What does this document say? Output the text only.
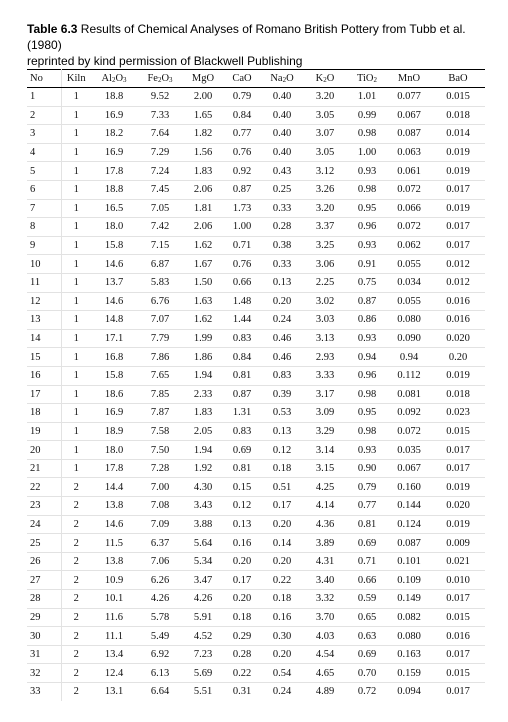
Table 6.3 Results of Chemical Analyses of Romano British Pottery from Tubb et al. (1980)
reprinted by kind permission of Blackwell Publishing
No	Kiln	$Al_2O_3$	$Fe_2O_3$	MgO	CaO	$Na_2O$	$K_2O$	TiO$_2$	MnO	BaO
1	1	18.8	9.52	2.00	0.79	0.40	3.20	1.01	0.077	0.015
2	1	16.9	7.33	1.65	0.84	0.40	3.05	0.99	0.067	0.018
3	1	18.2	7.64	1.82	0.77	0.40	3.07	0.98	0.087	0.014
4	1	16.9	7.29	1.56	0.76	0.40	3.05	1.00	0.063	0.019
5	1	17.8	7.24	1.83	0.92	0.43	3.12	0.93	0.061	0.019
6	1	18.8	7.45	2.06	0.87	0.25	3.26	0.98	0.072	0.017
7	1	16.5	7.05	1.81	1.73	0.33	3.20	0.95	0.066	0.019
8	1	18.0	7.42	2.06	1.00	0.28	3.37	0.96	0.072	0.017
9	1	15.8	7.15	1.62	0.71	0.38	3.25	0.93	0.062	0.017
10	1	14.6	6.87	1.67	0.76	0.33	3.06	0.91	0.055	0.012
11	1	13.7	5.83	1.50	0.66	0.13	2.25	0.75	0.034	0.012
12	1	14.6	6.76	1.63	1.48	0.20	3.02	0.87	0.055	0.016
13	1	14.8	7.07	1.62	1.44	0.24	3.03	0.86	0.080	0.016
14	1	17.1	7.79	1.99	0.83	0.46	3.13	0.93	0.090	0.020
15	1	16.8	7.86	1.86	0.84	0.46	2.93	0.94	0.94	0.20
16	1	15.8	7.65	1.94	0.81	0.83	3.33	0.96	0.112	0.019
17	1	18.6	7.85	2.33	0.87	0.39	3.17	0.98	0.081	0.018
18	1	16.9	7.87	1.83	1.31	0.53	3.09	0.95	0.092	0.023
19	1	18.9	7.58	2.05	0.83	0.13	3.29	0.98	0.072	0.015
20	1	18.0	7.50	1.94	0.69	0.12	3.14	0.93	0.035	0.017
21	1	17.8	7.28	1.92	0.81	0.18	3.15	0.90	0.067	0.017
22	2	14.4	7.00	4.30	0.15	0.51	4.25	0.79	0.160	0.019
23	2	13.8	7.08	3.43	0.12	0.17	4.14	0.77	0.144	0.020
24	2	14.6	7.09	3.88	0.13	0.20	4.36	0.81	0.124	0.019
25	2	11.5	6.37	5.64	0.16	0.14	3.89	0.69	0.087	0.009
26	2	13.8	7.06	5.34	0.20	0.20	4.31	0.71	0.101	0.021
27	2	10.9	6.26	3.47	0.17	0.22	3.40	0.66	0.109	0.010
28	2	10.1	4.26	4.26	0.20	0.18	3.32	0.59	0.149	0.017
29	2	11.6	5.78	5.91	0.18	0.16	3.70	0.65	0.082	0.015
30	2	11.1	5.49	4.52	0.29	0.30	4.03	0.63	0.080	0.016
31	2	13.4	6.92	7.23	0.28	0.20	4.54	0.69	0.163	0.017
32	2	12.4	6.13	5.69	0.22	0.54	4.65	0.70	0.159	0.015
33	2	13.1	6.64	5.51	0.31	0.24	4.89	0.72	0.094	0.017
